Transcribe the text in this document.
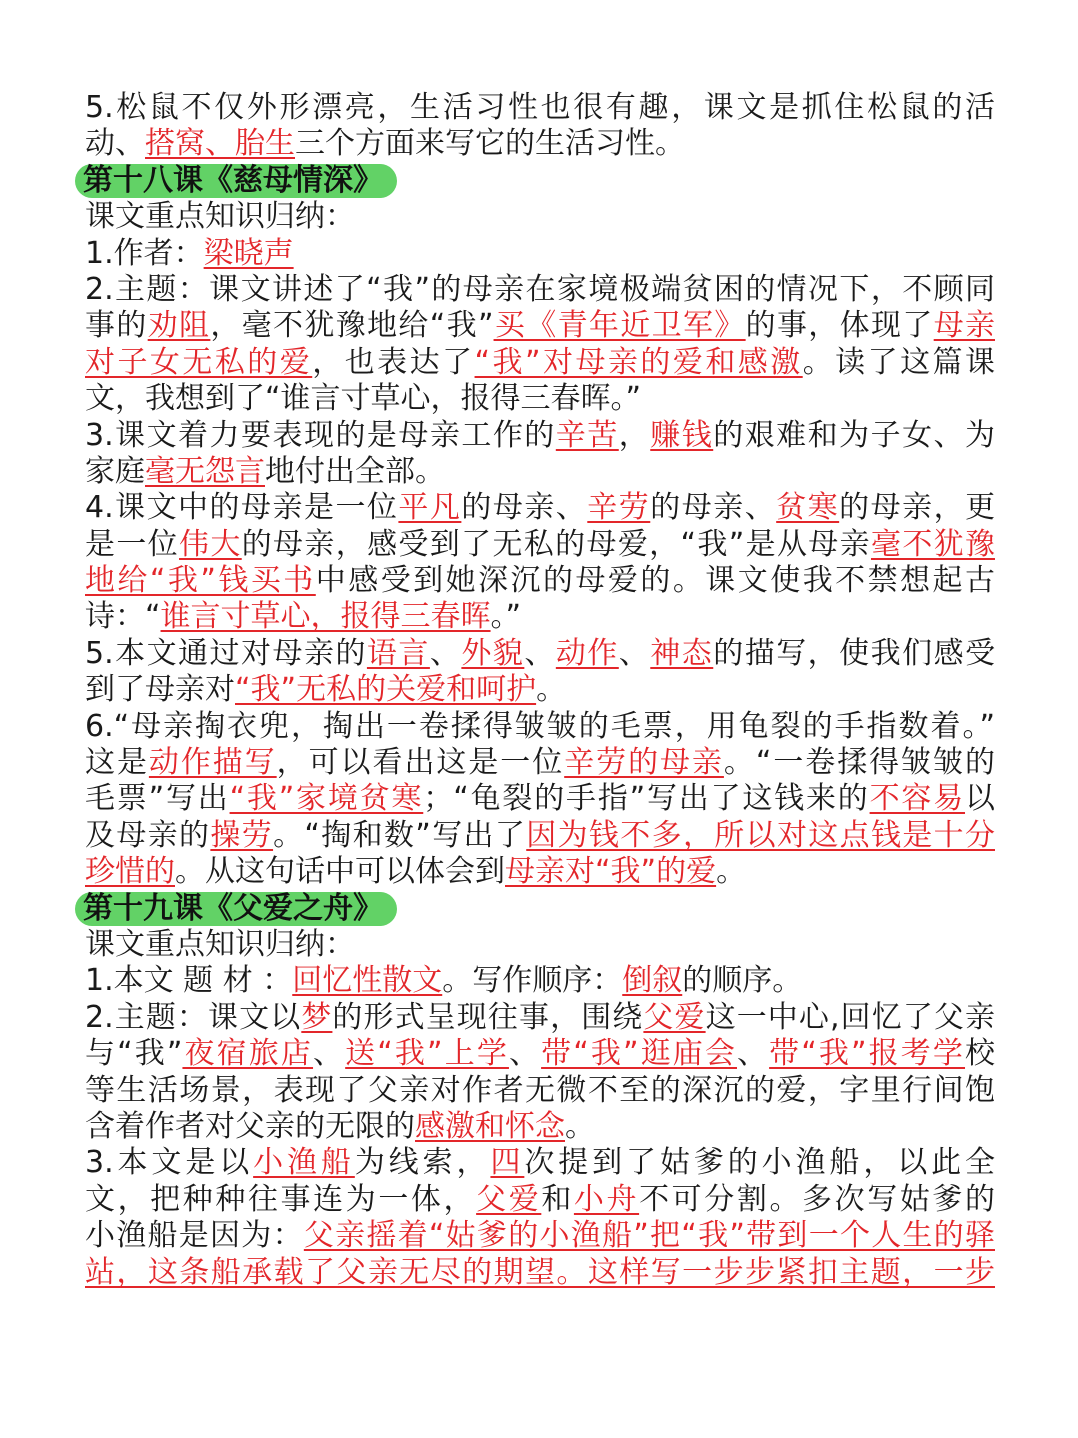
5.松鼠不仅外形漂亮，生活习性也很有趣，课文是抓住松鼠的活
动、搭窝、胎生三个方面来写它的生活习性。
第十八课《慈母情深》
课文重点知识归纳：
1.作者：梁晓声
2.主题：课文讲述了“我”的母亲在家境极端贫困的情况下，不顾同
事的劝阻，毫不犹豫地给“我”买《青年近卫军》的事，体现了母亲
对子女无私的爱，也表达了“我”对母亲的爱和感激。读了这篇课
文，我想到了“谁言寸草心，报得三春晖。”
3.课文着力要表现的是母亲工作的辛苦，赚钱的艰难和为子女、为
家庭毫无怨言地付出全部。
4.课文中的母亲是一位平凡的母亲、辛劳的母亲、贫寒的母亲，更
是一位伟大的母亲，感受到了无私的母爱，“我”是从母亲毫不犹豫
地给“我”钱买书中感受到她深沉的母爱的。课文使我不禁想起古
诗：“谁言寸草心，报得三春晖。”
5.本文通过对母亲的语言、外貌、动作、神态的描写，使我们感受
到了母亲对“我”无私的关爱和呵护。
6.“母亲掏衣兜，掏出一卷揉得皱皱的毛票，用龟裂的手指数着。”
这是动作描写，可以看出这是一位辛劳的母亲。“一卷揉得皱皱的
毛票”写出“我”家境贫寒；“龟裂的手指”写出了这钱来的不容易以
及母亲的操劳。“掏和数”写出了因为钱不多，所以对这点钱是十分
珍惜的。从这句话中可以体会到母亲对“我”的爱。
第十九课《父爱之舟》
课文重点知识归纳：
1.本文 题 材 ：回忆性散文。写作顺序：倒叙的顺序。
2.主题：课文以梦的形式呈现往事，围绕父爱这一中心,回忆了父亲
与“我”夜宿旅店、送“我”上学、带“我”逛庙会、带“我”报考学校
等生活场景，表现了父亲对作者无微不至的深沉的爱，字里行间饱
含着作者对父亲的无限的感激和怀念。
3.本文是以小渔船为线索，四次提到了姑爹的小渔船，以此全
文，把种种往事连为一体，父爱和小舟不可分割。多次写姑爹的
小渔船是因为：父亲摇着“姑爹的小渔船”把“我”带到一个人生的驿
站，这条船承载了父亲无尽的期望。这样写一步步紧扣主题，一步
